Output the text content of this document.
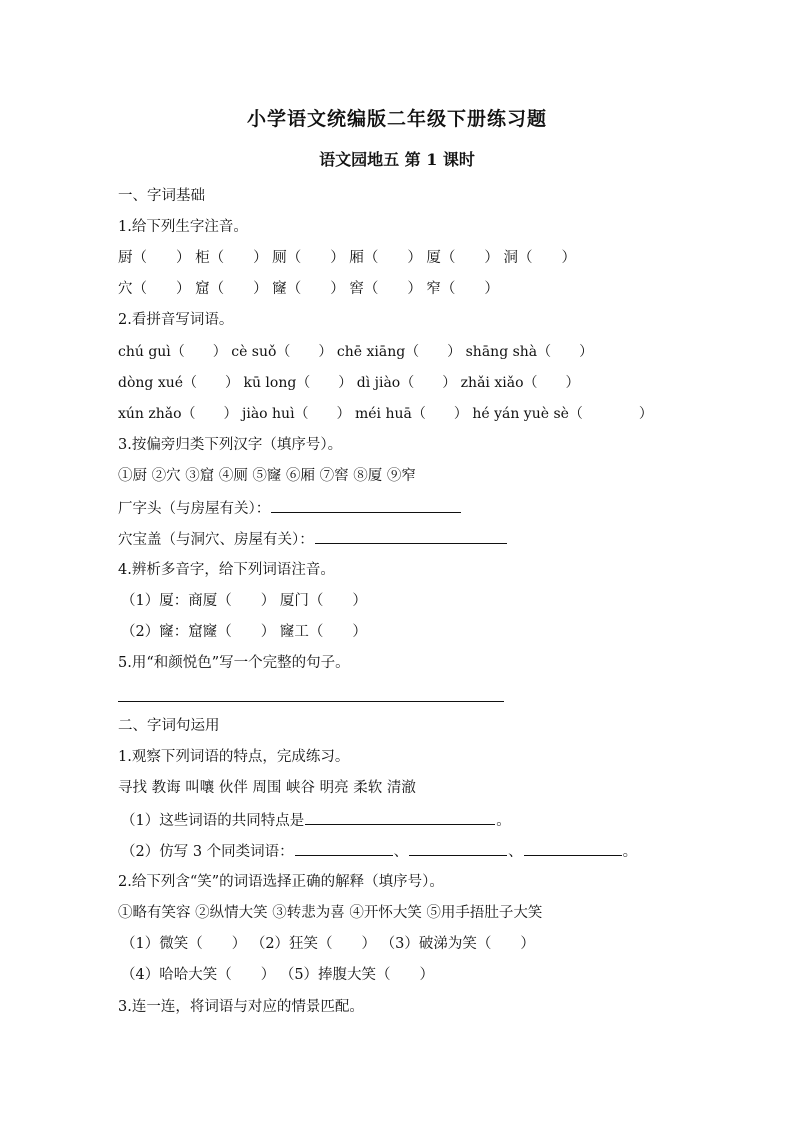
小学语文统编版二年级下册练习题
语文园地五 第 1 课时
一、字词基础
1.给下列生字注音。
厨（　　） 柜（　　） 厕（　　） 厢（　　） 厦（　　） 洞（　　）
穴（　　） 窟（　　） 窿（　　） 窖（　　） 窄（　　）
2.看拼音写词语。
chú guì（　　） cè suǒ（　　） chē xiāng（　　） shāng shà（　　）
dòng xué（　　） kū long（　　） dì jiào（　　） zhǎi xiǎo（　　）
xún zhǎo（　　） jiào huì（　　） méi huā（　　） hé yán yuè sè（　　　　）
3.按偏旁归类下列汉字（填序号）。
①厨 ②穴 ③窟 ④厕 ⑤窿 ⑥厢 ⑦窖 ⑧厦 ⑨窄
厂字头（与房屋有关）：
穴宝盖（与洞穴、房屋有关）：
4.辨析多音字，给下列词语注音。
（1）厦：商厦（　　） 厦门（　　）
（2）窿：窟窿（　　） 窿工（　　）
5.用“和颜悦色”写一个完整的句子。
二、字词句运用
1.观察下列词语的特点，完成练习。
寻找 教诲 叫嚷 伙伴 周围 峡谷 明亮 柔软 清澈
（1）这些词语的共同特点是	。
（2）仿写 3 个同类词语：	、	、	。
2.给下列含“笑”的词语选择正确的解释（填序号）。
①略有笑容 ②纵情大笑 ③转悲为喜 ④开怀大笑 ⑤用手捂肚子大笑
（1）微笑（　　） （2）狂笑（　　） （3）破涕为笑（　　）
（4）哈哈大笑（　　） （5）捧腹大笑（　　）
3.连一连，将词语与对应的情景匹配。
